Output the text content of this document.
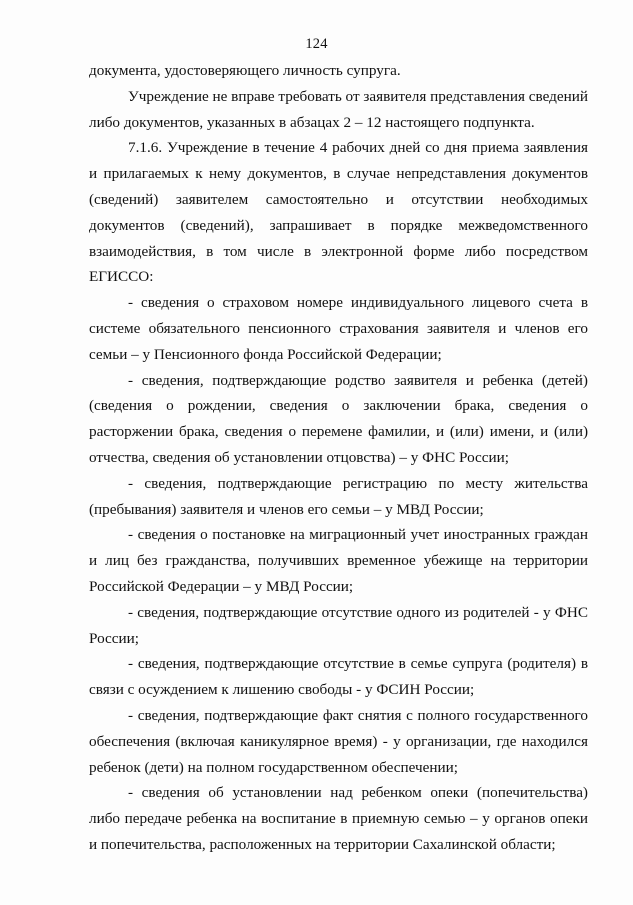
124

документа, удостоверяющего личность супруга.

Учреждение не вправе требовать от заявителя представления сведений либо документов, указанных в абзацах 2 – 12 настоящего подпункта.

7.1.6. Учреждение в течение 4 рабочих дней со дня приема заявления и прилагаемых к нему документов, в случае непредставления документов (сведений) заявителем самостоятельно и отсутствии необходимых документов (сведений), запрашивает в порядке межведомственного взаимодействия, в том числе в электронной форме либо посредством ЕГИССО:

- сведения о страховом номере индивидуального лицевого счета в системе обязательного пенсионного страхования заявителя и членов его семьи – у Пенсионного фонда Российской Федерации;

- сведения, подтверждающие родство заявителя и ребенка (детей) (сведения о рождении, сведения о заключении брака, сведения о расторжении брака, сведения о перемене фамилии, и (или) имени, и (или) отчества, сведения об установлении отцовства) – у ФНС России;

- сведения, подтверждающие регистрацию по месту жительства (пребывания) заявителя и членов его семьи – у МВД России;

- сведения о постановке на миграционный учет иностранных граждан и лиц без гражданства, получивших временное убежище на территории Российской Федерации – у МВД России;

- сведения, подтверждающие отсутствие одного из родителей - у ФНС России;

- сведения, подтверждающие отсутствие в семье супруга (родителя) в связи с осуждением к лишению свободы - у ФСИН России;

- сведения, подтверждающие факт снятия с полного государственного обеспечения (включая каникулярное время) - у организации, где находился ребенок (дети) на полном государственном обеспечении;

- сведения об установлении над ребенком опеки (попечительства) либо передаче ребенка на воспитание в приемную семью – у органов опеки и попечительства, расположенных на территории Сахалинской области;
